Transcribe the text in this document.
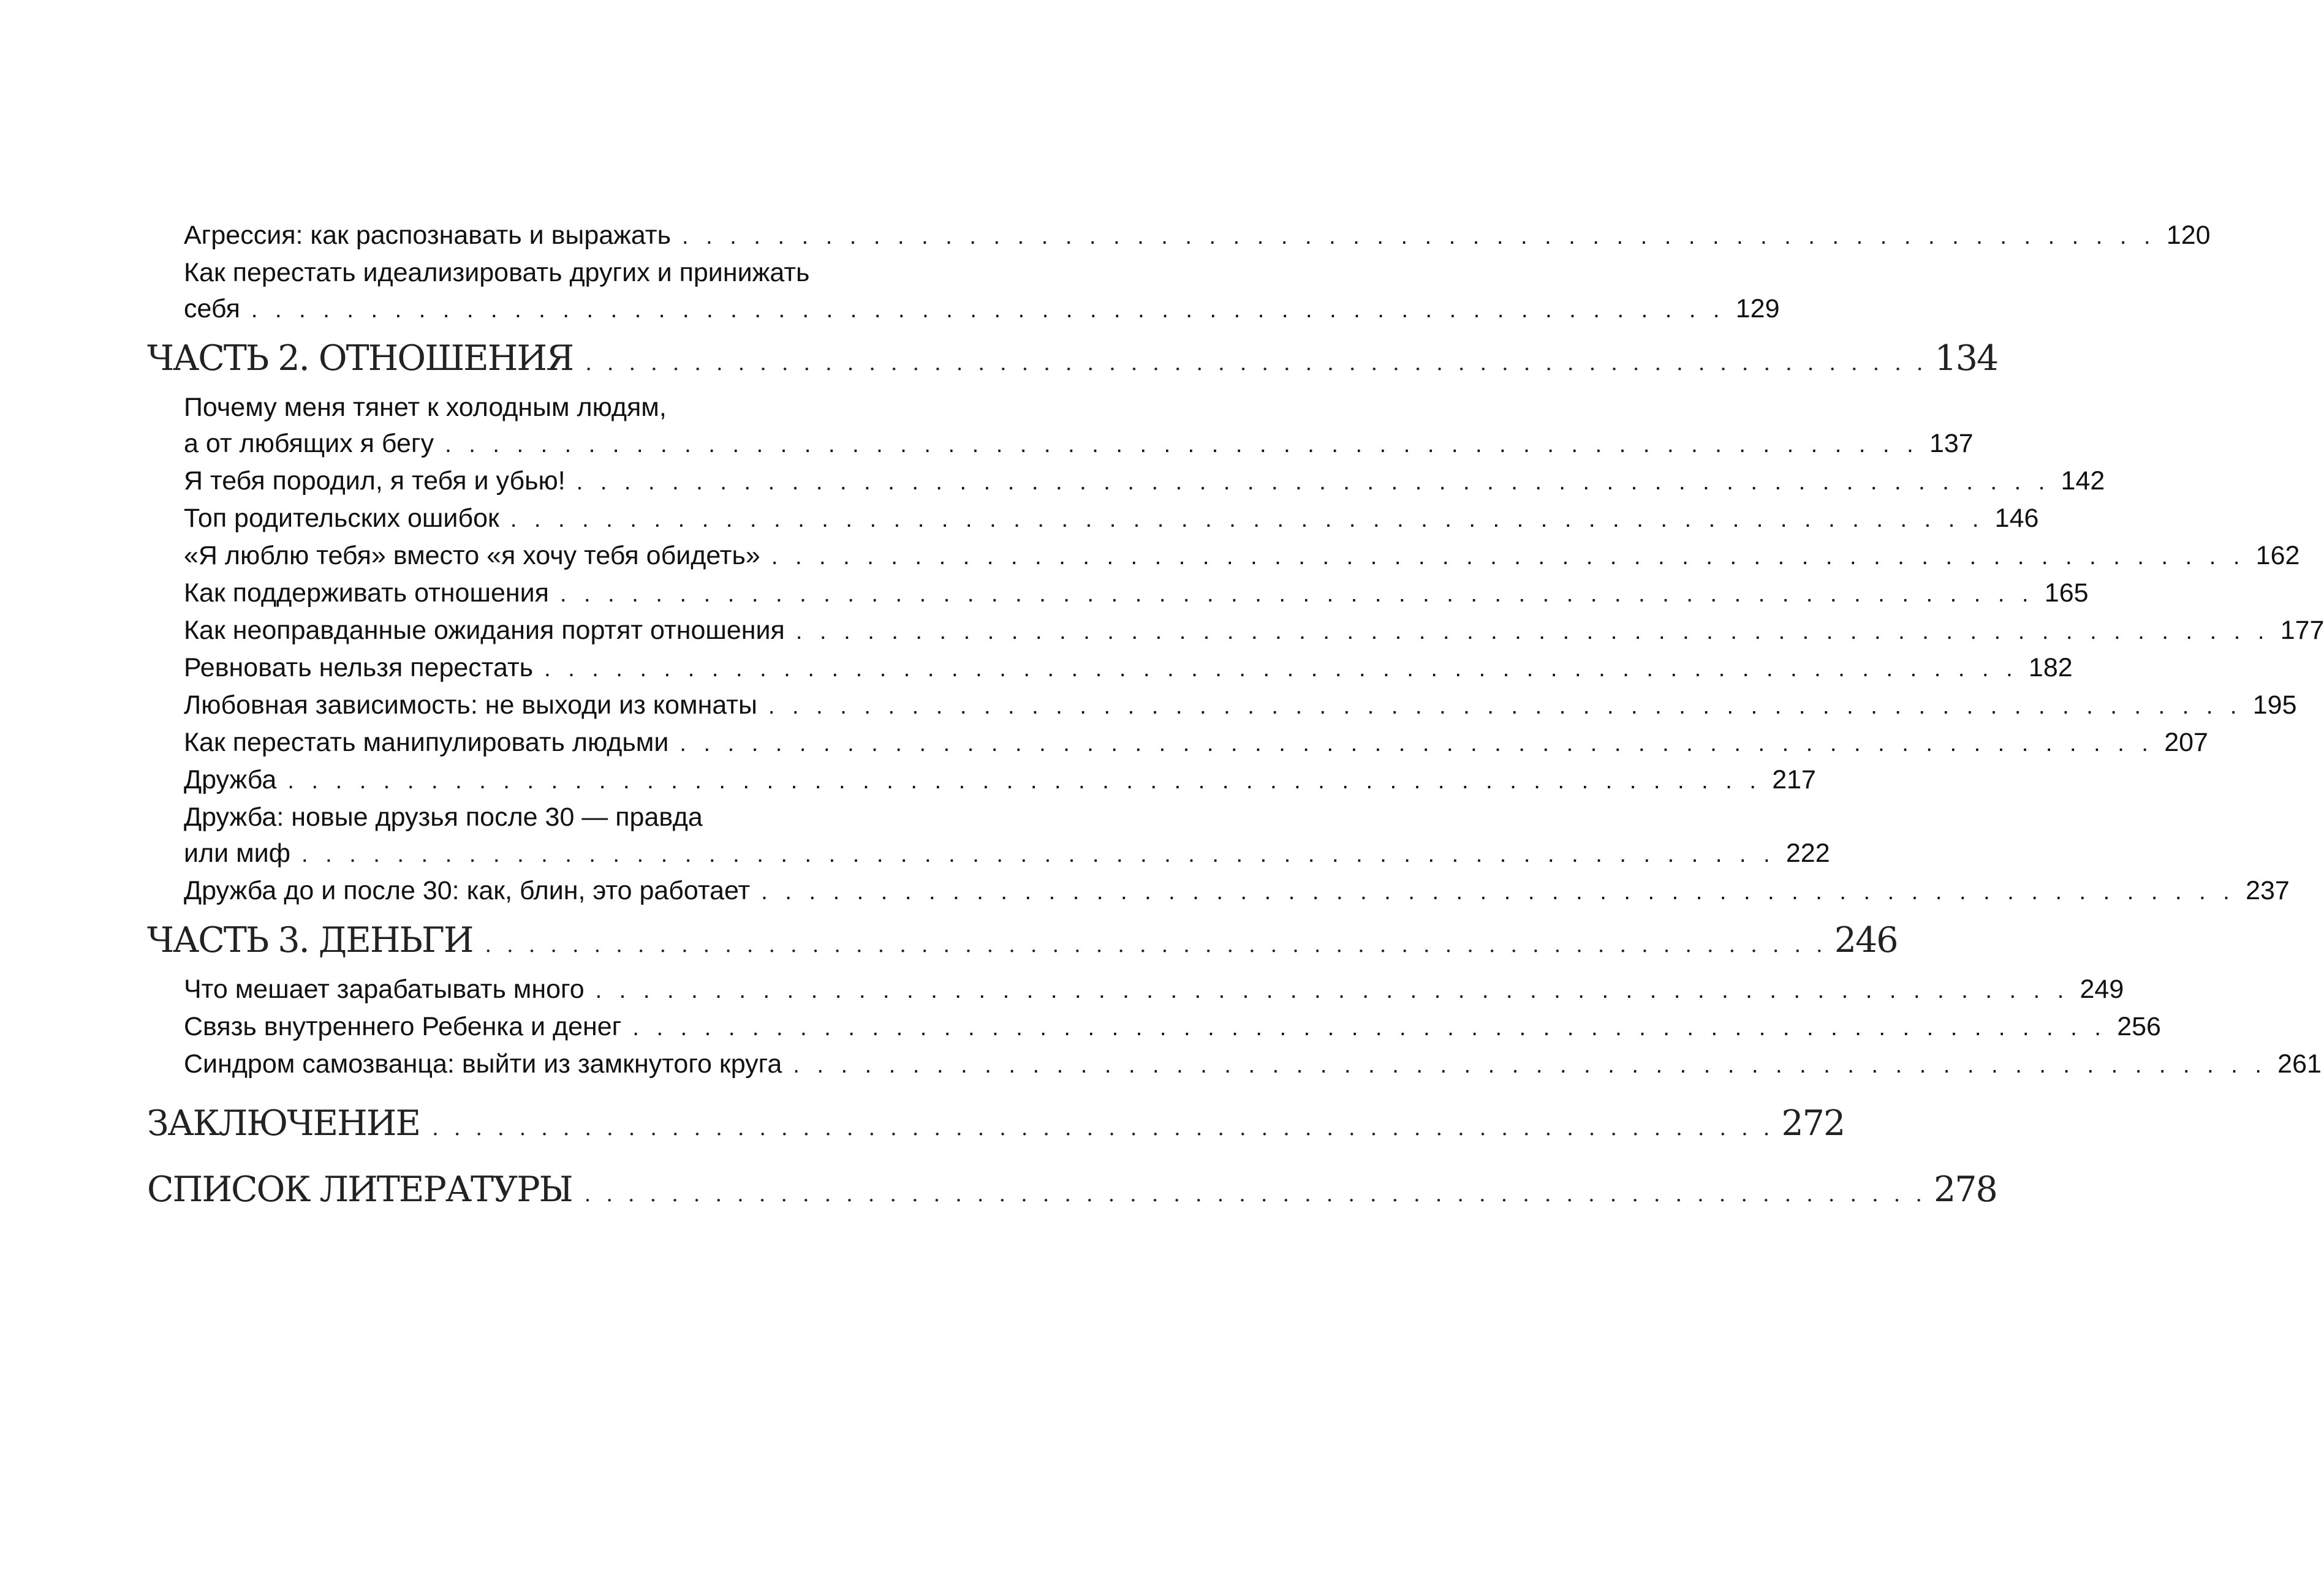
Агрессия: как распознавать и выражать . . . . . . . . . . . . . . . . . . . . . . . . . . . . . . . . . . . . . . . . . . . . . . . . . . . . . . . . . . . . . . 120
Как перестать идеализировать других и принижать
себя . . . . . . . . . . . . . . . . . . . . . . . . . . . . . . . . . . . . . . . . . . . . . . . . . . . . . . . . . . . . . . 129
ЧАСТЬ 2. ОТНОШЕНИЯ . . . . . . . . . . . . . . . . . . . . . . . . . . . . . . . . . . . . . . . . . . . . . . . . . . . . . . . . . . . . . . 134
Почему меня тянет к холодным людям,
а от любящих я бегу . . . . . . . . . . . . . . . . . . . . . . . . . . . . . . . . . . . . . . . . . . . . . . . . . . . . . . . . . . . . . . 137
Я тебя породил, я тебя и убью! . . . . . . . . . . . . . . . . . . . . . . . . . . . . . . . . . . . . . . . . . . . . . . . . . . . . . . . . . . . . . . 142
Топ родительских ошибок . . . . . . . . . . . . . . . . . . . . . . . . . . . . . . . . . . . . . . . . . . . . . . . . . . . . . . . . . . . . . . 146
«Я люблю тебя» вместо «я хочу тебя обидеть» . . . . . . . . . . . . . . . . . . . . . . . . . . . . . . . . . . . . . . . . . . . . . . . . . . . . . . . . . . . . . . 162
Как поддерживать отношения . . . . . . . . . . . . . . . . . . . . . . . . . . . . . . . . . . . . . . . . . . . . . . . . . . . . . . . . . . . . . . 165
Как неоправданные ожидания портят отношения . . . . . . . . . . . . . . . . . . . . . . . . . . . . . . . . . . . . . . . . . . . . . . . . . . . . . . . . . . . . . . 177
Ревновать нельзя перестать . . . . . . . . . . . . . . . . . . . . . . . . . . . . . . . . . . . . . . . . . . . . . . . . . . . . . . . . . . . . . . 182
Любовная зависимость: не выходи из комнаты . . . . . . . . . . . . . . . . . . . . . . . . . . . . . . . . . . . . . . . . . . . . . . . . . . . . . . . . . . . . . . 195
Как перестать манипулировать людьми . . . . . . . . . . . . . . . . . . . . . . . . . . . . . . . . . . . . . . . . . . . . . . . . . . . . . . . . . . . . . . 207
Дружба . . . . . . . . . . . . . . . . . . . . . . . . . . . . . . . . . . . . . . . . . . . . . . . . . . . . . . . . . . . . . . 217
Дружба: новые друзья после 30 — правда
или миф . . . . . . . . . . . . . . . . . . . . . . . . . . . . . . . . . . . . . . . . . . . . . . . . . . . . . . . . . . . . . . 222
Дружба до и после 30: как, блин, это работает . . . . . . . . . . . . . . . . . . . . . . . . . . . . . . . . . . . . . . . . . . . . . . . . . . . . . . . . . . . . . . 237
ЧАСТЬ 3. ДЕНЬГИ . . . . . . . . . . . . . . . . . . . . . . . . . . . . . . . . . . . . . . . . . . . . . . . . . . . . . . . . . . . . . . 246
Что мешает зарабатывать много . . . . . . . . . . . . . . . . . . . . . . . . . . . . . . . . . . . . . . . . . . . . . . . . . . . . . . . . . . . . . . 249
Связь внутреннего Ребенка и денег . . . . . . . . . . . . . . . . . . . . . . . . . . . . . . . . . . . . . . . . . . . . . . . . . . . . . . . . . . . . . . 256
Синдром самозванца: выйти из замкнутого круга . . . . . . . . . . . . . . . . . . . . . . . . . . . . . . . . . . . . . . . . . . . . . . . . . . . . . . . . . . . . . . 261
ЗАКЛЮЧЕНИЕ . . . . . . . . . . . . . . . . . . . . . . . . . . . . . . . . . . . . . . . . . . . . . . . . . . . . . . . . . . . . . . 272
СПИСОК ЛИТЕРАТУРЫ . . . . . . . . . . . . . . . . . . . . . . . . . . . . . . . . . . . . . . . . . . . . . . . . . . . . . . . . . . . . . . 278
